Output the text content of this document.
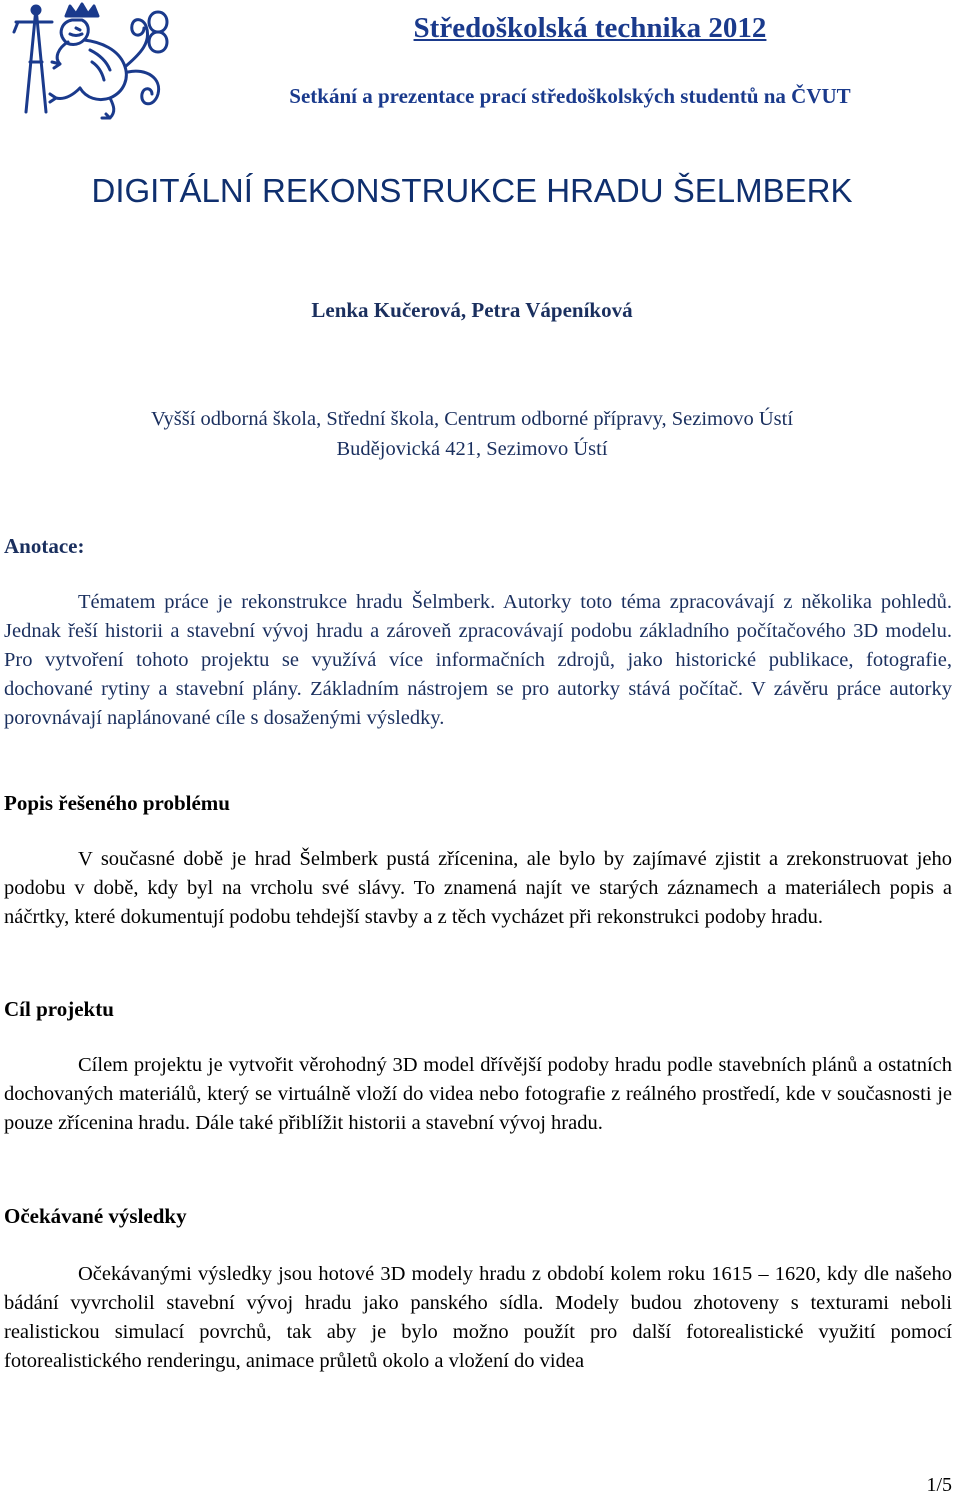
Středoškolská technika 2012
Setkání a prezentace prací středoškolských studentů na ČVUT
DIGITÁLNÍ REKONSTRUKCE HRADU ŠELMBERK
Lenka Kučerová, Petra Vápeníková
Vyšší odborná škola, Střední škola, Centrum odborné přípravy, Sezimovo Ústí
Budějovická 421, Sezimovo Ústí
Anotace:
Tématem práce je rekonstrukce hradu Šelmberk. Autorky toto téma zpracovávají z několika pohledů. Jednak řeší historii a stavební vývoj hradu a zároveň zpracovávají podobu základního počítačového 3D modelu. Pro vytvoření tohoto projektu se využívá více informačních zdrojů, jako historické publikace, fotografie, dochované rytiny a stavební plány. Základním nástrojem se pro autorky stává počítač. V závěru práce autorky porovnávají naplánované cíle s dosaženými výsledky.
Popis řešeného problému
V současné době je hrad Šelmberk pustá zřícenina, ale bylo by zajímavé zjistit a zrekonstruovat jeho podobu v době, kdy byl na vrcholu své slávy. To znamená najít ve starých záznamech a materiálech popis a náčrtky, které dokumentují podobu tehdejší stavby a z těch vycházet při rekonstrukci podoby hradu.
Cíl projektu
Cílem projektu je vytvořit věrohodný 3D model dřívější podoby hradu podle stavebních plánů a ostatních dochovaných materiálů, který se virtuálně vloží do videa nebo fotografie z reálného prostředí, kde v současnosti je pouze zřícenina hradu. Dále také přiblížit historii a stavební vývoj hradu.
Očekávané výsledky
Očekávanými výsledky jsou hotové 3D modely hradu z období kolem roku 1615 – 1620, kdy dle našeho bádání vyvrcholil stavební vývoj hradu jako panského sídla. Modely budou zhotoveny s texturami neboli realistickou simulací povrchů, tak aby je bylo možno použít pro další fotorealistické využití pomocí fotorealistického renderingu, animace průletů okolo a vložení do videa
1/5
